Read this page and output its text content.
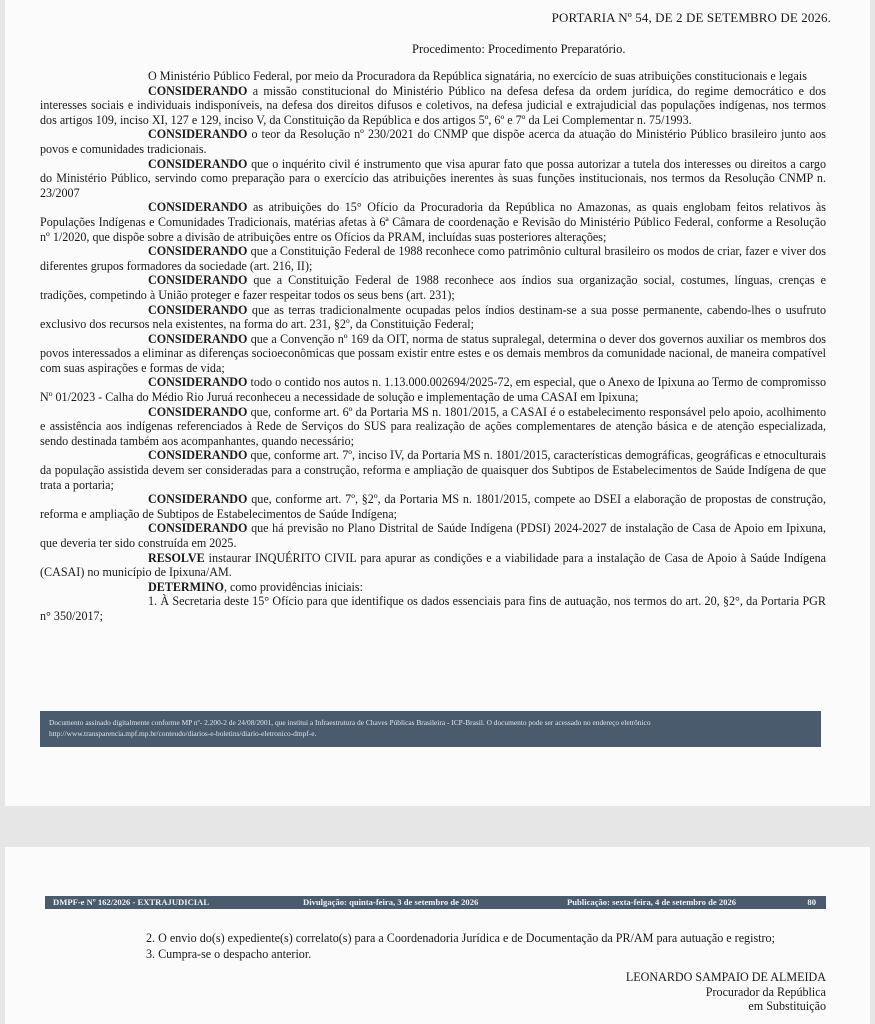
PORTARIA Nº 54, DE 2 DE SETEMBRO DE 2026.
Procedimento: Procedimento Preparatório.

O Ministério Público Federal, por meio da Procuradora da República signatária, no exercício de suas atribuições constitucionais e legais

CONSIDERANDO a missão constitucional do Ministério Público na defesa defesa da ordem jurídica, do regime democrático e dos interesses sociais e individuais indisponíveis, na defesa dos direitos difusos e coletivos, na defesa judicial e extrajudicial das populações indígenas, nos termos dos artigos 109, inciso XI, 127 e 129, inciso V, da Constituição da República e dos artigos 5º, 6º e 7º da Lei Complementar n. 75/1993.

CONSIDERANDO o teor da Resolução nº 230/2021 do CNMP que dispõe acerca da atuação do Ministério Público brasileiro junto aos povos e comunidades tradicionais.

CONSIDERANDO que o inquérito civil é instrumento que visa apurar fato que possa autorizar a tutela dos interesses ou direitos a cargo do Ministério Público, servindo como preparação para o exercício das atribuições inerentes às suas funções institucionais, nos termos da Resolução CNMP n. 23/2007

CONSIDERANDO as atribuições do 15° Ofício da Procuradoria da República no Amazonas, as quais englobam feitos relativos às Populações Indígenas e Comunidades Tradicionais, matérias afetas à 6ª Câmara de coordenação e Revisão do Ministério Público Federal, conforme a Resolução nº 1/2020, que dispõe sobre a divisão de atribuições entre os Ofícios da PRAM, incluídas suas posteriores alterações;

CONSIDERANDO que a Constituição Federal de 1988 reconhece como patrimônio cultural brasileiro os modos de criar, fazer e viver dos diferentes grupos formadores da sociedade (art. 216, II);

CONSIDERANDO que a Constituição Federal de 1988 reconhece aos índios sua organização social, costumes, línguas, crenças e tradições, competindo à União proteger e fazer respeitar todos os seus bens (art. 231);

CONSIDERANDO que as terras tradicionalmente ocupadas pelos índios destinam-se a sua posse permanente, cabendo-lhes o usufruto exclusivo dos recursos nela existentes, na forma do art. 231, §2º, da Constituição Federal;

CONSIDERANDO que a Convenção nº 169 da OIT, norma de status supralegal, determina o dever dos governos auxiliar os membros dos povos interessados a eliminar as diferenças socioeconômicas que possam existir entre estes e os demais membros da comunidade nacional, de maneira compatível com suas aspirações e formas de vida;

CONSIDERANDO todo o contido nos autos n. 1.13.000.002694/2025-72, em especial, que o Anexo de Ipixuna ao Termo de compromisso Nº 01/2023 - Calha do Médio Rio Juruá reconheceu a necessidade de solução e implementação de uma CASAI em Ipixuna;

CONSIDERANDO que, conforme art. 6º da Portaria MS n. 1801/2015, a CASAI é o estabelecimento responsável pelo apoio, acolhimento e assistência aos indígenas referenciados à Rede de Serviços do SUS para realização de ações complementares de atenção básica e de atenção especializada, sendo destinada também aos acompanhantes, quando necessário;

CONSIDERANDO que, conforme art. 7º, inciso IV, da Portaria MS n. 1801/2015, características demográficas, geográficas e etnoculturais da população assistida devem ser consideradas para a construção, reforma e ampliação de quaisquer dos Subtipos de Estabelecimentos de Saúde Indígena de que trata a portaria;

CONSIDERANDO que, conforme art. 7º, §2º, da Portaria MS n. 1801/2015, compete ao DSEI a elaboração de propostas de construção, reforma e ampliação de Subtipos de Estabelecimentos de Saúde Indígena;

CONSIDERANDO que há previsão no Plano Distrital de Saúde Indígena (PDSI) 2024-2027 de instalação de Casa de Apoio em Ipixuna, que deveria ter sido construída em 2025.

RESOLVE instaurar INQUÉRITO CIVIL para apurar as condições e a viabilidade para a instalação de Casa de Apoio à Saúde Indígena (CASAI) no município de Ipixuna/AM.

DETERMINO, como providências iniciais:

1. À Secretaria deste 15° Ofício para que identifique os dados essenciais para fins de autuação, nos termos do art. 20, §2°, da Portaria PGR n° 350/2017;

Documento assinado digitalmente conforme MP nº- 2.200-2 de 24/08/2001, que institui a Infraestrutura de Chaves Públicas Brasileira - ICP-Brasil. O documento pode ser acessado no endereço eletrônico http://www.transparencia.mpf.mp.br/conteudo/diarios-e-boletins/diario-eletronico-dmpf-e.
DMPF-e Nº 162/2026 - EXTRAJUDICIAL	Divulgação: quinta-feira, 3 de setembro de 2026	Publicação: sexta-feira, 4 de setembro de 2026	80

2. O envio do(s) expediente(s) correlato(s) para a Coordenadoria Jurídica e de Documentação da PR/AM para autuação e registro;

3. Cumpra-se o despacho anterior.

LEONARDO SAMPAIO DE ALMEIDA
Procurador da República
em Substituição
